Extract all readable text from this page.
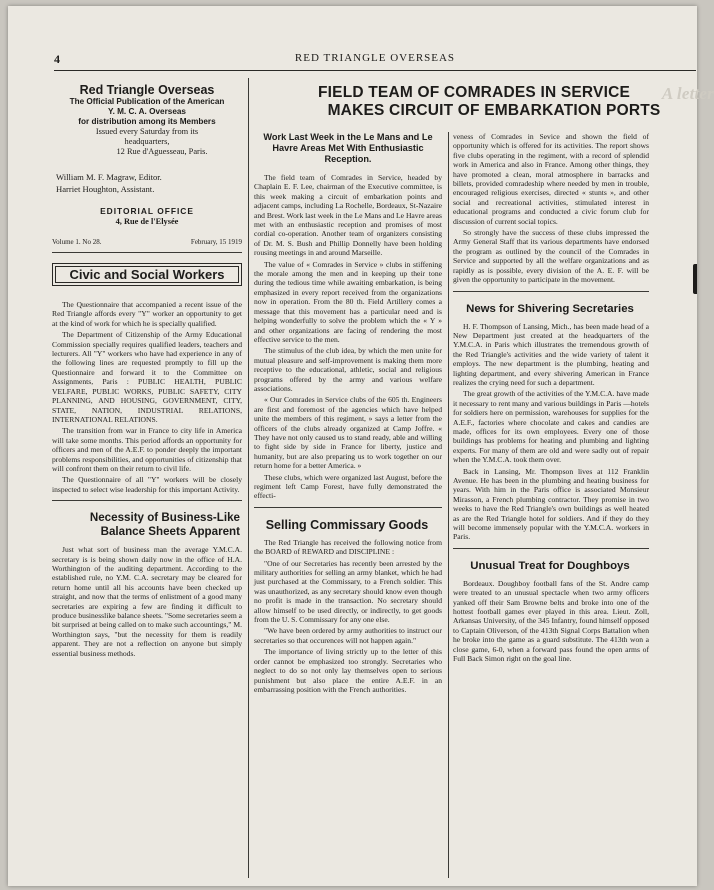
4	RED TRIANGLE OVERSEAS
Red Triangle Overseas
The Official Publication of the American
Y. M. C. A. Overseas
for distribution among its Members
Issued every Saturday from its
headquarters,
12 Rue d'Aguesseau, Paris.
William M. F. Magraw, Editor.
Harriet Houghton, Assistant.
EDITORIAL OFFICE
4, Rue de l'Elysée
Volume 1. No 28.	February, 15 1919
Civic and Social Workers

The Questionnaire that accompanied a recent issue of the Red Triangle affords every "Y" worker an opportunity to get at the kind of work for which he is specially qualified.

The Department of Citizenship of the Army Educational Commission specially requires qualified leaders, teachers and lecturers. All "Y" workers who have had experience in any of the following lines are requested promptly to fill up the Questionnaire and forward it to the Committee on Assignments, Paris : PUBLIC HEALTH, PUBLIC VELFARE, PUBLIC WORKS, PUBLIC SAFETY, CITY PLANNING, AND HOUSING, GOVERNMENT, CITY, STATE, NATION, INDUSTRIAL RELATIONS, INTERNATIONAL RELATIONS.

The transition from war in France to city life in America will take some months. This period affords an opportunity for officers and men of the A.E.F. to ponder deeply the important problems responsibilities, and opportunities of citizenship that will confront them on their return to civil life.

The Questionnaire of all "Y" workers will be closely inspected to select wise leadership for this important Activity.

Necessity of Business-Like Balance Sheets Apparent

Just what sort of business man the average Y.M.C.A. secretary is is being shown daily now in the office of H.A. Worthington of the auditing department. According to the established rule, no Y.M. C.A. secretary may be cleared for return home until all his accounts have been checked up straight, and now that the terms of enlistment of a good many secretaries are expiring a few are finding it difficult to produce businesslike balance sheets. "Some secretaries seem a bit surprised at being called on to make such accountings," M. Worthington says, "but the necessity for them is readily apparent. They are not a reflection on anyone but simply essential business methods.

FIELD TEAM OF COMRADES IN SERVICE
MAKES CIRCUIT OF EMBARKATION PORTS
A letter
Work Last Week in the Le Mans and Le Havre Areas Met With Enthusiastic Reception.

The field team of Comrades in Service, headed by Chaplain E. F. Lee, chairman of the Executive committee, is this week making a circuit of embarkation points and adjacent camps, including La Rochelle, Bordeaux, St-Nazaire and Brest. Work last week in the Le Mans and Le Havre areas met with an enthusiastic reception and promises of most cordial co-operation. Another team of organizers consisting of Dr. M. S. Bush and Phillip Donnelly have been holding rousing meetings in and around Marseille.

The value of « Comrades in Service » clubs in stiffening the morale among the men and in keeping up their tone during the tedious time while awaiting embarkation, is being emphasized in every report received from the organizations now in operation. From the 80 th. Field Artillery comes a message that this movement has a particular need and is helping wonderfully to solve the problem which the « Y » and other organizations are facing of rendering the most effective service to the men.

The stimulus of the club idea, by which the men unite for mutual pleasure and self-improvement is making them more receptive to the educational, athletic, social and religious programs offered by the army and various welfare associations.

« Our Comrades in Service clubs of the 605 th. Engineers are first and foremost of the agencies which have helped unite the members of this regiment, » says a letter from the officers of the clubs already organized at Camp Joffre. « They have not only caused us to stand ready, able and willing to fight side by side in France for liberty, justice and humanity, but are also preparing us to work together on our return home for a better America. »

These clubs, which were organized last August, before the regiment left Camp Forest, have fully demonstrated the effecti-

Selling Commissary Goods

The Red Triangle has received the following notice from the BOARD of REWARD and DISCIPLINE :

"One of our Secretaries has recently been arrested by the military authorities for selling an army blanket, which he had just purchased at the Commissary, to a French soldier. This was unauthorized, as any secretary should know even though no profit is made in the transaction. No secretary should allow himself to be used directly, or indirectly, to get goods from the U. S. Commissary for any one else.

"We have been ordered by army authorities to instruct our secretaries so that occurences will not happen again."

The importance of living strictly up to the letter of this order cannot be emphasized too strongly. Secretaries who neglect to do so not only lay themselves open to serious punishment but also place the entire A.E.F. in an embarrassing position with the French authorities.

veness of Comrades in Sevice and shown the field of opportunity which is offered for its activities. The report shows five clubs operating in the regiment, with a record of splendid work in America and also in France. Among other things, they have promoted a clean, moral atmosphere in barracks and billets, provided comradeship where needed by men in trouble, encouraged religious exercises, directed « stunts », and other social and recreational activities, stimulated interest in educational programs and conducted a civic forum club for discussion of current social topics.

So strongly have the success of these clubs impressed the Army General Staff that its various departments have endorsed the program as outlined by the council of the Comrades in Service and supported by all the welfare organizations and as rapidly as is possible, every division of the A. E. F. will be given the opportunity to participate in the movement.

News for Shivering Secretaries

H. F. Thompson of Lansing, Mich., has been made head of a New Department just created at the headquarters of the Y.M.C.A. in Paris which illustrates the tremendous growth of the Red Triangle's activities and the wide variety of talent it employs. The new department is the plumbing, heating and lighting department, and every shivering American in France realizes the crying need for such a department.

The great growth of the activities of the Y.M.C.A. have made it necessary to rent many and various buildings in Paris —hotels for soldiers here on permission, warehouses for supplies for the A.E.F., factories where chocolate and cakes and candies are made, offices for its own employees. Every one of those buildings has problems for heating and plumbing and lighting experts. For many of them are old and were sadly out of repair when the Y.M.C.A. took them over.

Back in Lansing, Mr. Thompson lives at 112 Franklin Avenue. He has been in the plumbing and heating business for years. With him in the Paris office is associated Monsieur Mirasson, a French plumbing contractor. They promise in two weeks to have the Red Triangle's own buildings as well heated as are the Red Triangle hotel for soldiers. And if they do they will become immensely popular with the Y.M.C.A. workers in Paris.

Unusual Treat for Doughboys

Bordeaux. Doughboy football fans of the St. Andre camp were treated to an unusual spectacle when two army officers yanked off their Sam Browne belts and broke into one of the hottest football games ever played in this area. Lieut. Zoll, Arkansas University, of the 345 Infantry, found himself opposed to Captain Oliverson, of the 413th Signal Corps Battalion when he broke into the game as a guard substitute. The 413th won a close game, 6-0, when a forward pass found the open arms of Full Back Simon right on the goal line.
